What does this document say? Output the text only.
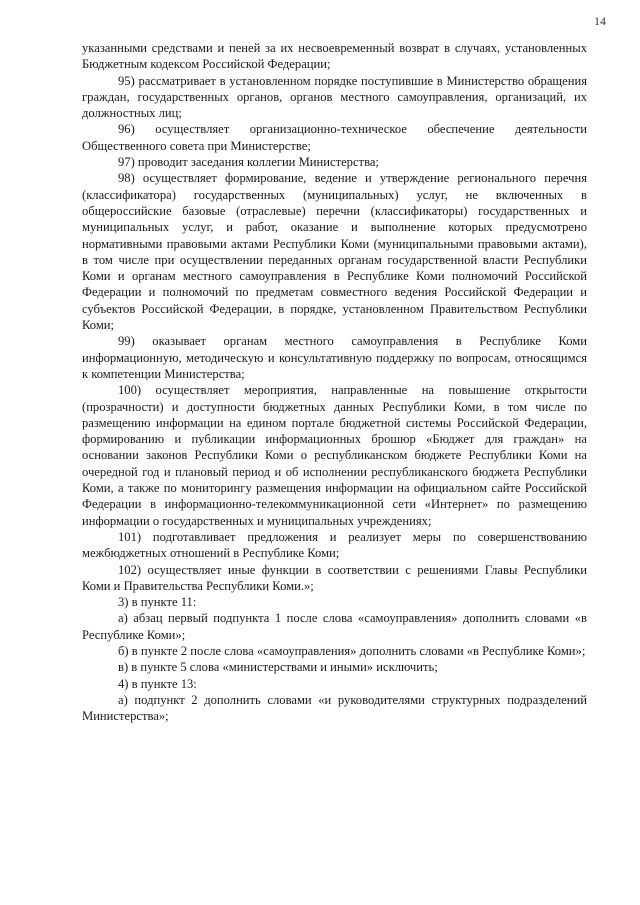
14

указанными средствами и пеней за их несвоевременный возврат в случаях, установленных Бюджетным кодексом Российской Федерации;

95) рассматривает в установленном порядке поступившие в Министерство обращения граждан, государственных органов, органов местного самоуправления, организаций, их должностных лиц;

96) осуществляет организационно-техническое обеспечение деятельности Общественного совета при Министерстве;

97) проводит заседания коллегии Министерства;

98) осуществляет формирование, ведение и утверждение регионального перечня (классификатора) государственных (муниципальных) услуг, не включенных в общероссийские базовые (отраслевые) перечни (классификаторы) государственных и муниципальных услуг, и работ, оказание и выполнение которых предусмотрено нормативными правовыми актами Республики Коми (муниципальными правовыми актами), в том числе при осуществлении переданных органам государственной власти Республики Коми и органам местного самоуправления в Республике Коми полномочий Российской Федерации и полномочий по предметам совместного ведения Российской Федерации и субъектов Российской Федерации, в порядке, установленном Правительством Республики Коми;

99) оказывает органам местного самоуправления в Республике Коми информационную, методическую и консультативную поддержку по вопросам, относящимся к компетенции Министерства;

100) осуществляет мероприятия, направленные на повышение открытости (прозрачности) и доступности бюджетных данных Республики Коми, в том числе по размещению информации на едином портале бюджетной системы Российской Федерации, формированию и публикации информационных брошюр «Бюджет для граждан» на основании законов Республики Коми о республиканском бюджете Республики Коми на очередной год и плановый период и об исполнении республиканского бюджета Республики Коми, а также по мониторингу размещения информации на официальном сайте Российской Федерации в информационно-телекоммуникационной сети «Интернет» по размещению информации о государственных и муниципальных учреждениях;

101) подготавливает предложения и реализует меры по совершенствованию межбюджетных отношений в Республике Коми;

102) осуществляет иные функции в соответствии с решениями Главы Республики Коми и Правительства Республики Коми.»;

3) в пункте 11:

а) абзац первый подпункта 1 после слова «самоуправления» дополнить словами «в Республике Коми»;

б) в пункте 2 после слова «самоуправления» дополнить словами «в Республике Коми»;

в) в пункте 5 слова «министерствами и иными» исключить;

4) в пункте 13:

а) подпункт 2 дополнить словами «и руководителями структурных подразделений Министерства»;
